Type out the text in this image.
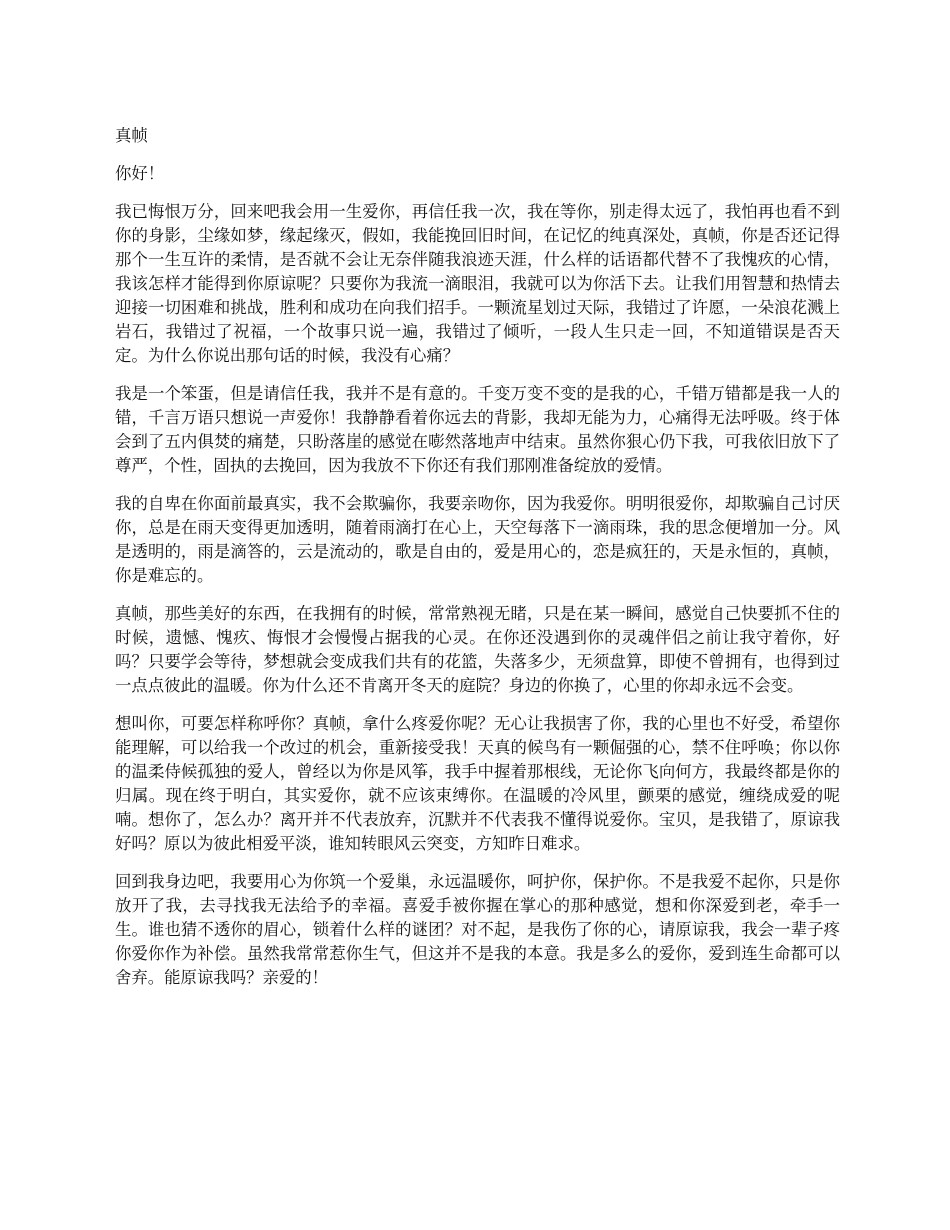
真帧

你好！

我已悔恨万分，回来吧我会用一生爱你，再信任我一次，我在等你，别走得太远了，我怕再也看不到你的身影，尘缘如梦，缘起缘灭，假如，我能挽回旧时间，在记忆的纯真深处，真帧，你是否还记得那个一生互许的柔情，是否就不会让无奈伴随我浪迹天涯，什么样的话语都代替不了我愧疚的心情，我该怎样才能得到你原谅呢？只要你为我流一滴眼泪，我就可以为你活下去。让我们用智慧和热情去迎接一切困难和挑战，胜利和成功在向我们招手。一颗流星划过天际，我错过了许愿，一朵浪花溅上岩石，我错过了祝福，一个故事只说一遍，我错过了倾听，一段人生只走一回，不知道错误是否天定。为什么你说出那句话的时候，我没有心痛？

我是一个笨蛋，但是请信任我，我并不是有意的。千变万变不变的是我的心，千错万错都是我一人的错，千言万语只想说一声爱你！我静静看着你远去的背影，我却无能为力，心痛得无法呼吸。终于体会到了五内俱焚的痛楚，只盼落崖的感觉在嘭然落地声中结束。虽然你狠心仍下我，可我依旧放下了尊严，个性，固执的去挽回，因为我放不下你还有我们那刚准备绽放的爱情。

我的自卑在你面前最真实，我不会欺骗你，我要亲吻你，因为我爱你。明明很爱你，却欺骗自己讨厌你，总是在雨天变得更加透明，随着雨滴打在心上，天空每落下一滴雨珠，我的思念便增加一分。风是透明的，雨是滴答的，云是流动的，歌是自由的，爱是用心的，恋是疯狂的，天是永恒的，真帧，你是难忘的。

真帧，那些美好的东西，在我拥有的时候，常常熟视无睹，只是在某一瞬间，感觉自己快要抓不住的时候，遗憾、愧疚、悔恨才会慢慢占据我的心灵。在你还没遇到你的灵魂伴侣之前让我守着你，好吗？只要学会等待，梦想就会变成我们共有的花篮，失落多少，无须盘算，即使不曾拥有，也得到过一点点彼此的温暖。你为什么还不肯离开冬天的庭院？身边的你换了，心里的你却永远不会变。

想叫你，可要怎样称呼你？真帧，拿什么疼爱你呢？无心让我损害了你，我的心里也不好受，希望你能理解，可以给我一个改过的机会，重新接受我！天真的候鸟有一颗倔强的心，禁不住呼唤；你以你的温柔侍候孤独的爱人，曾经以为你是风筝，我手中握着那根线，无论你飞向何方，我最终都是你的归属。现在终于明白，其实爱你，就不应该束缚你。在温暖的冷风里，颤栗的感觉，缠绕成爱的呢喃。想你了，怎么办？离开并不代表放弃，沉默并不代表我不懂得说爱你。宝贝，是我错了，原谅我好吗？原以为彼此相爱平淡，谁知转眼风云突变，方知昨日难求。

回到我身边吧，我要用心为你筑一个爱巢，永远温暖你，呵护你，保护你。不是我爱不起你，只是你放开了我，去寻找我无法给予的幸福。喜爱手被你握在掌心的那种感觉，想和你深爱到老，牵手一生。谁也猜不透你的眉心，锁着什么样的谜团？对不起，是我伤了你的心，请原谅我，我会一辈子疼你爱你作为补偿。虽然我常常惹你生气，但这并不是我的本意。我是多么的爱你，爱到连生命都可以舍弃。能原谅我吗？亲爱的！
